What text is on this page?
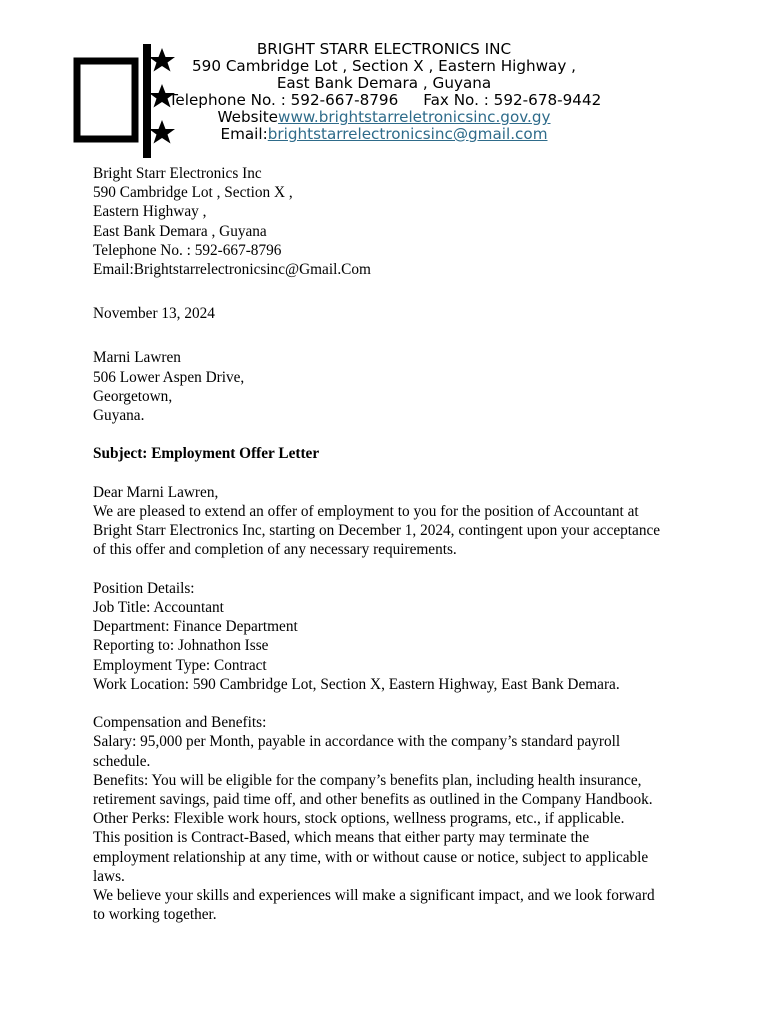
BRIGHT STARR ELECTRONICS INC
590 Cambridge Lot , Section X , Eastern Highway ,
East Bank Demara , Guyana
Telephone No. : 592-667-8796 Fax No. : 592-678-9442
Websitewww.brightstarreletronicsinc.gov.gy
Email:brightstarrelectronicsinc@gmail.com
Bright Starr Electronics Inc
590 Cambridge Lot , Section X ,
Eastern Highway ,
East Bank Demara , Guyana
Telephone No. : 592-667-8796
Email:Brightstarrelectronicsinc@Gmail.Com
November 13, 2024
Marni Lawren
506 Lower Aspen Drive,
Georgetown,
Guyana.
Subject: Employment Offer Letter
Dear Marni Lawren,
We are pleased to extend an offer of employment to you for the position of Accountant at
Bright Starr Electronics Inc, starting on December 1, 2024, contingent upon your acceptance
of this offer and completion of any necessary requirements.
Position Details:
Job Title: Accountant
Department: Finance Department
Reporting to: Johnathon Isse
Employment Type: Contract
Work Location: 590 Cambridge Lot, Section X, Eastern Highway, East Bank Demara.
Compensation and Benefits:
Salary: 95,000 per Month, payable in accordance with the company’s standard payroll
schedule.
Benefits: You will be eligible for the company’s benefits plan, including health insurance,
retirement savings, paid time off, and other benefits as outlined in the Company Handbook.
Other Perks: Flexible work hours, stock options, wellness programs, etc., if applicable.
This position is Contract-Based, which means that either party may terminate the
employment relationship at any time, with or without cause or notice, subject to applicable
laws.
We believe your skills and experiences will make a significant impact, and we look forward
to working together.
